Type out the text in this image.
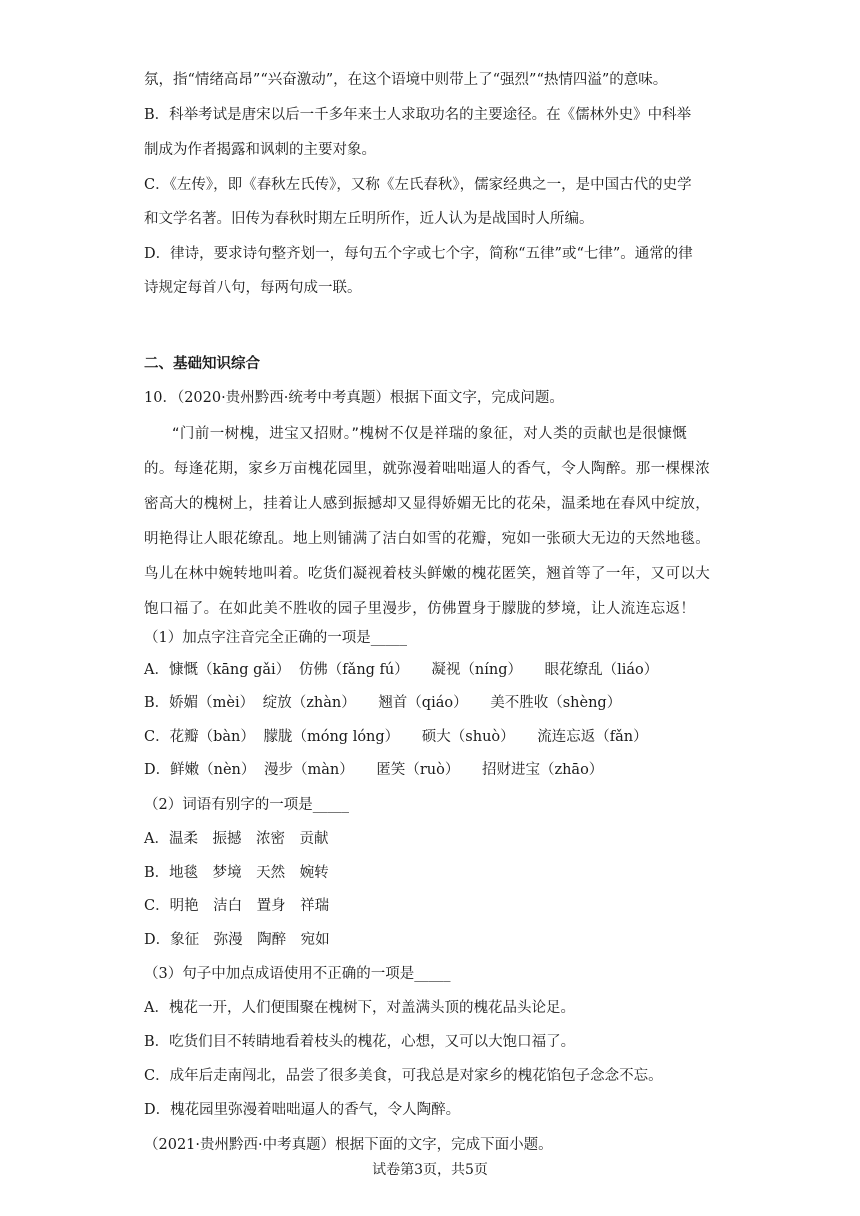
氛，指“情绪高昂”“兴奋激动”，在这个语境中则带上了“强烈”“热情四溢”的意味。
B．科举考试是唐宋以后一千多年来士人求取功名的主要途径。在《儒林外史》中科举
制成为作者揭露和讽刺的主要对象。
C．《左传》，即《春秋左氏传》，又称《左氏春秋》，儒家经典之一，是中国古代的史学
和文学名著。旧传为春秋时期左丘明所作，近人认为是战国时人所编。
D．律诗，要求诗句整齐划一，每句五个字或七个字，简称“五律”或“七律”。通常的律
诗规定每首八句，每两句成一联。
二、基础知识综合
10．（2020·贵州黔西·统考中考真题）根据下面文字，完成问题。
“门前一树槐，进宝又招财。”槐树不仅是祥瑞的象征，对人类的贡献也是很慷慨
的。每逢花期，家乡万亩槐花园里，就弥漫着咄咄逼人的香气，令人陶醉。那一棵棵浓
密高大的槐树上，挂着让人感到振撼却又显得娇媚无比的花朵，温柔地在春风中绽放，
明艳得让人眼花缭乱。地上则铺满了洁白如雪的花瓣，宛如一张硕大无边的天然地毯。
鸟儿在林中婉转地叫着。吃货们凝视着枝头鲜嫩的槐花匿笑，翘首等了一年，又可以大
饱口福了。在如此美不胜收的园子里漫步，仿佛置身于朦胧的梦境，让人流连忘返！
（1）加点字注音完全正确的一项是_____
A．慷慨（kāng gǎi） 仿佛（fǎng fú） 凝视（níng） 眼花缭乱（liáo）
B．娇媚（mèi） 绽放（zhàn） 翘首（qiáo） 美不胜收（shèng）
C．花瓣（bàn） 朦胧（móng lóng） 硕大（shuò） 流连忘返（fǎn）
D．鲜嫩（nèn） 漫步（màn） 匿笑（ruò） 招财进宝（zhāo）
（2）词语有别字的一项是_____
A．温柔　振撼　浓密　贡献
B．地毯　梦境　天然　婉转
C．明艳　洁白　置身　祥瑞
D．象征　弥漫　陶醉　宛如
（3）句子中加点成语使用不正确的一项是_____
A．槐花一开，人们便围聚在槐树下，对盖满头顶的槐花品头论足。
B．吃货们目不转睛地看着枝头的槐花，心想，又可以大饱口福了。
C．成年后走南闯北，品尝了很多美食，可我总是对家乡的槐花馅包子念念不忘。
D．槐花园里弥漫着咄咄逼人的香气，令人陶醉。
（2021·贵州黔西·中考真题）根据下面的文字，完成下面小题。
试卷第3页，共5页
